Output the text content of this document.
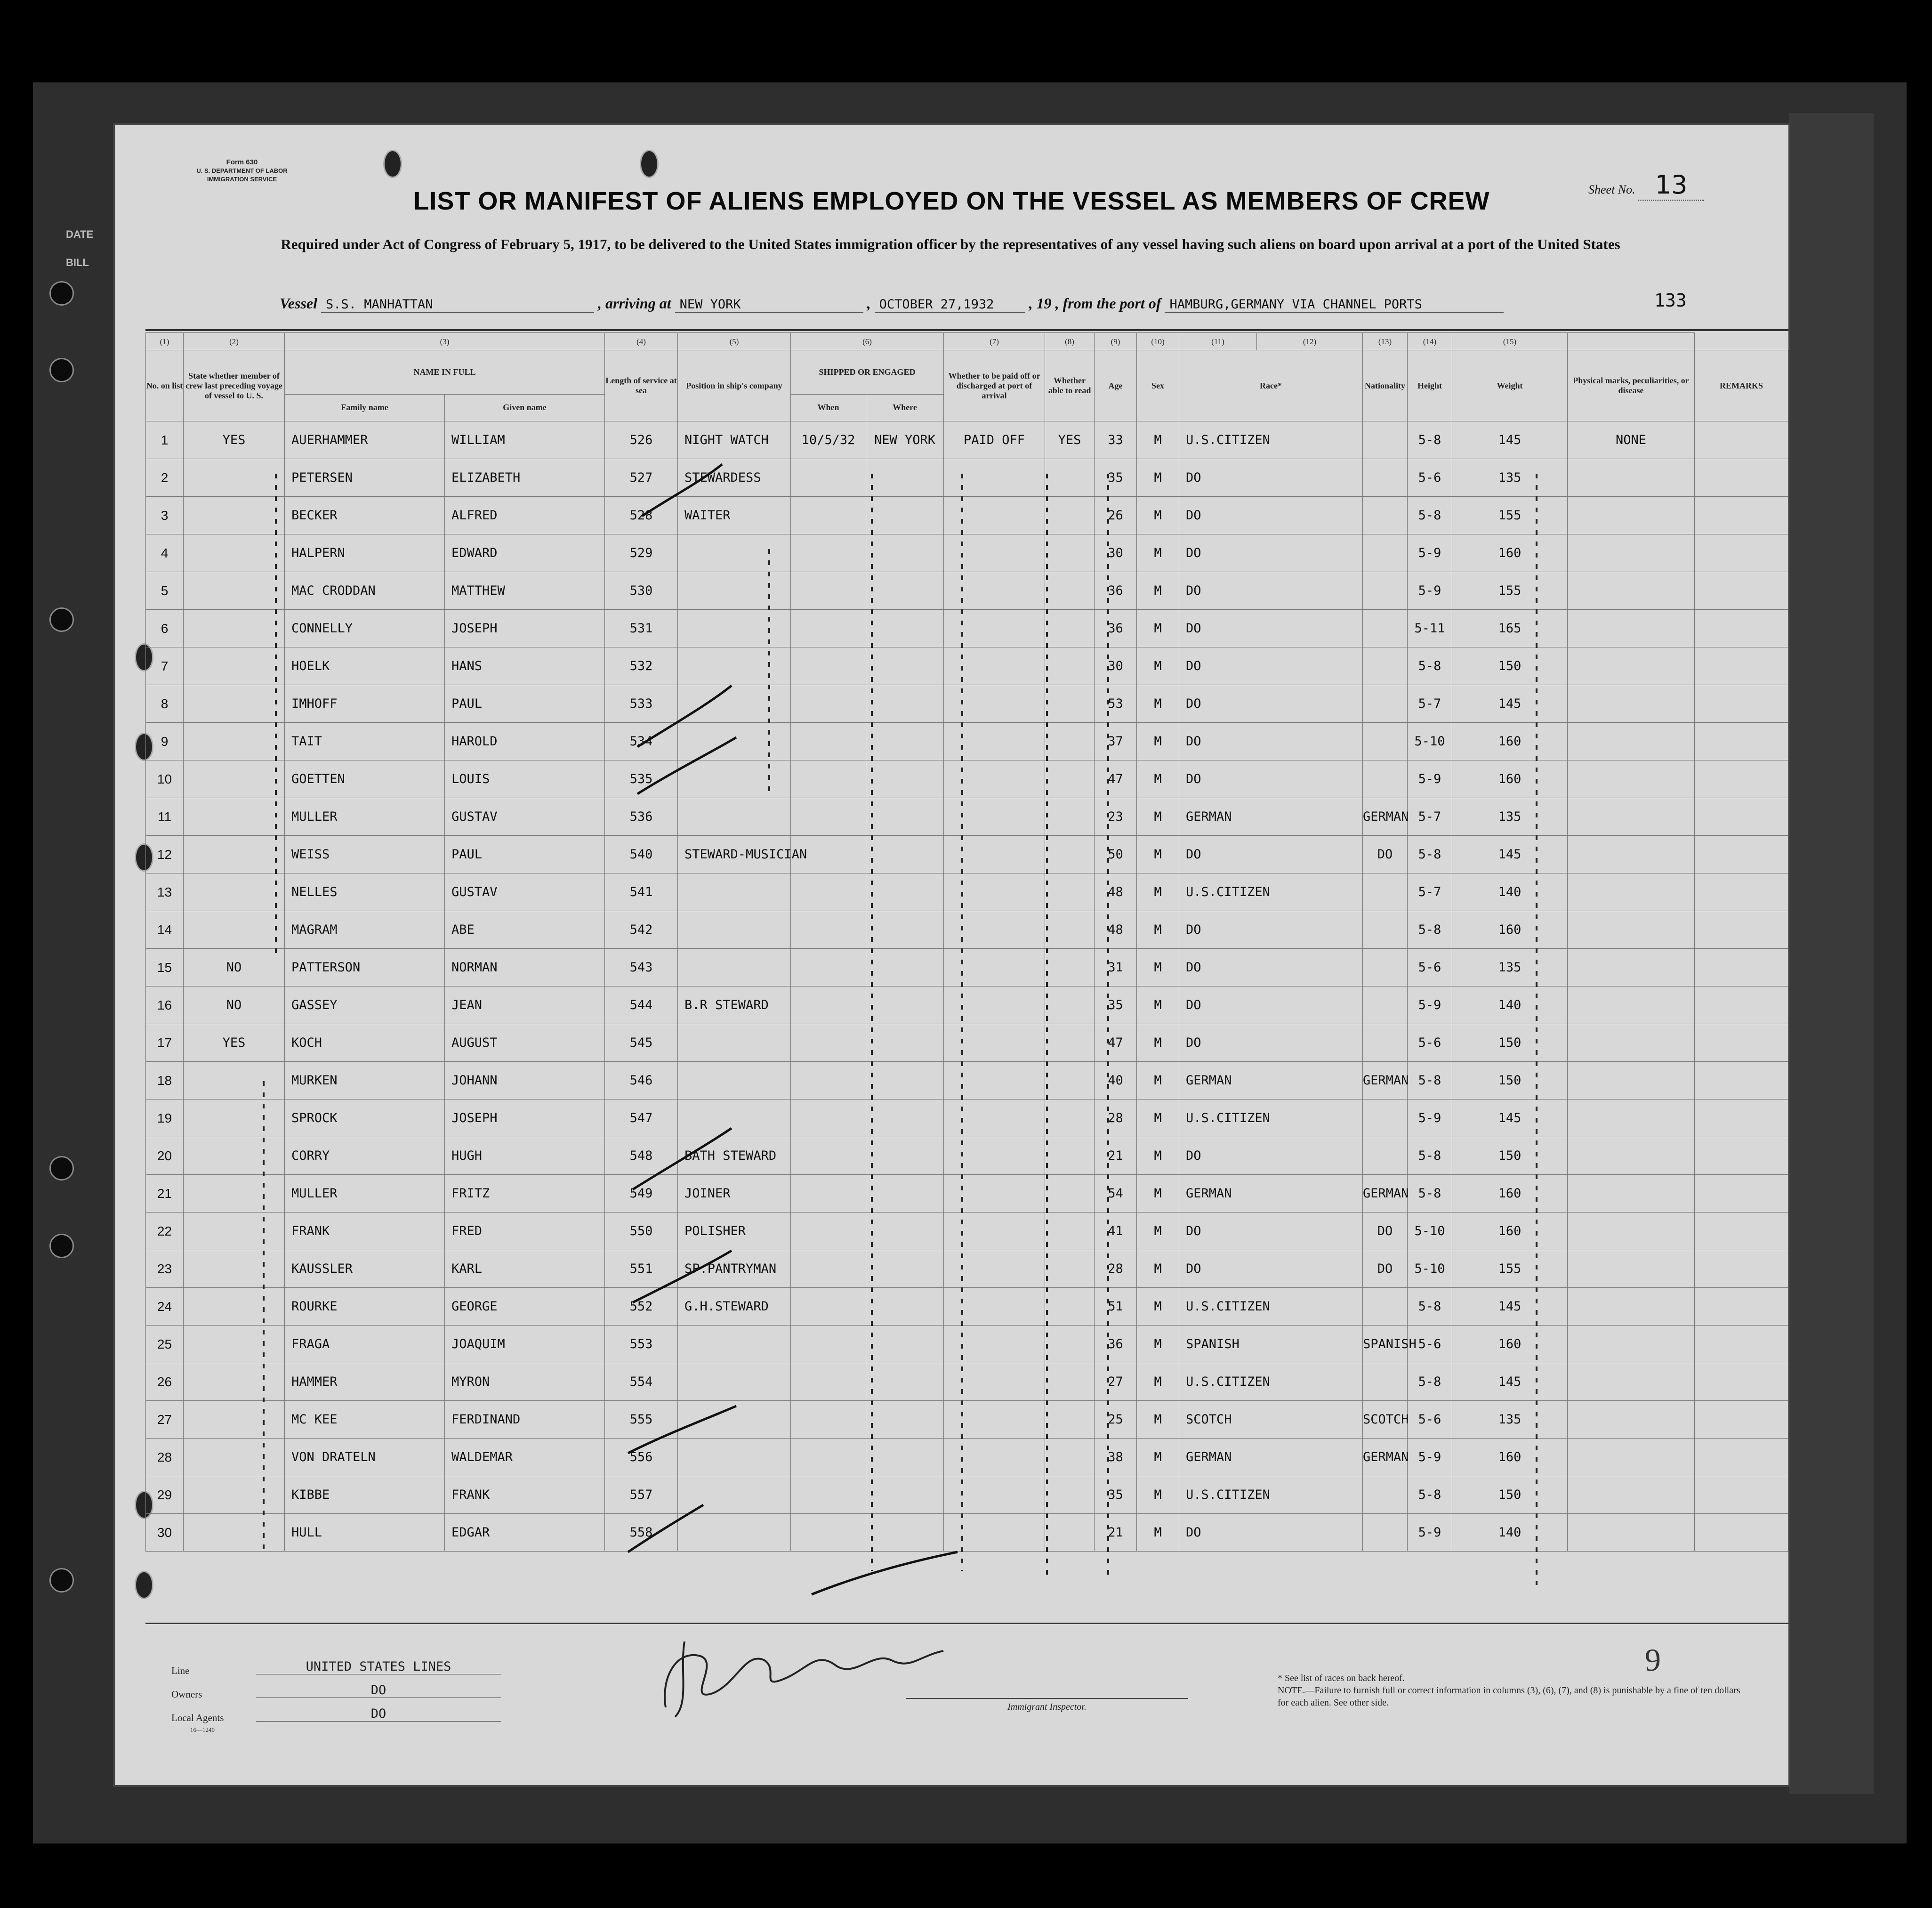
DATE
BILL
Form 630
U. S. DEPARTMENT OF LABOR
IMMIGRATION SERVICE
Sheet No. 13
LIST OR MANIFEST OF ALIENS EMPLOYED ON THE VESSEL AS MEMBERS OF CREW
Required under Act of Congress of February 5, 1917, to be delivered to the United States immigration officer by the representatives of any vessel having such aliens on board upon arrival at a port of the United States
Vessel S.S. MANHATTAN	, arriving at NEW YORK	, OCTOBER 27,1932 , 19 , from the port of HAMBURG,GERMANY VIA CHANNEL PORTS	133
(1)	(2)	(3)		(4)	(5)	(6)		(7)	(8)	(9)	(10)	(11)	(12)	(13)	(14)	(15)		
No. on list	State whether member of crew last preceding voyage of vessel to U. S.	NAME IN FULL		Length of service at sea	Position in ship's company	SHIPPED OR ENGAGED		Whether to be paid off or discharged at port of arrival	Whether able to read	Age	Sex	Race*		Nationality	Height	Weight	Physical marks, peculiarities, or disease	REMARKS
		Family name	Given name			When	Where											
1	YES	AUERHAMMER	WILLIAM	526	NIGHT WATCH	10/5/32	NEW YORK	PAID OFF	YES	33	M	U.S.CITIZEN			5-8	145	NONE	
2		PETERSEN	ELIZABETH	527	STEWARDESS					35	M	DO			5-6	135		
3		BECKER	ALFRED	528	WAITER					26	M	DO			5-8	155		
4		HALPERN	EDWARD	529						30	M	DO			5-9	160		
5		MAC CRODDAN	MATTHEW	530						36	M	DO			5-9	155		
6		CONNELLY	JOSEPH	531						36	M	DO			5-11	165		
7		HOELK	HANS	532						30	M	DO			5-8	150		
8		IMHOFF	PAUL	533						53	M	DO			5-7	145		
9		TAIT	HAROLD	534						37	M	DO			5-10	160		
10		GOETTEN	LOUIS	535						47	M	DO			5-9	160		
11		MULLER	GUSTAV	536						23	M	GERMAN		GERMAN	5-7	135		
12		WEISS	PAUL	540	STEWARD-MUSICIAN					50	M	DO		DO	5-8	145		
13		NELLES	GUSTAV	541						48	M	U.S.CITIZEN			5-7	140		
14		MAGRAM	ABE	542						48	M	DO			5-8	160		
15	NO	PATTERSON	NORMAN	543						31	M	DO			5-6	135		
16	NO	GASSEY	JEAN	544	B.R STEWARD					35	M	DO			5-9	140		
17	YES	KOCH	AUGUST	545						47	M	DO			5-6	150		
18		MURKEN	JOHANN	546						40	M	GERMAN		GERMAN	5-8	150		
19		SPROCK	JOSEPH	547						28	M	U.S.CITIZEN			5-9	145		
20		CORRY	HUGH	548	BATH STEWARD					21	M	DO			5-8	150		
21		MULLER	FRITZ	549	JOINER					54	M	GERMAN		GERMAN	5-8	160		
22		FRANK	FRED	550	POLISHER					41	M	DO		DO	5-10	160		
23		KAUSSLER	KARL	551	SP.PANTRYMAN					28	M	DO		DO	5-10	155		
24		ROURKE	GEORGE	552	G.H.STEWARD					51	M	U.S.CITIZEN			5-8	145		
25		FRAGA	JOAQUIM	553						36	M	SPANISH		SPANISH	5-6	160		
26		HAMMER	MYRON	554						27	M	U.S.CITIZEN			5-8	145		
27		MC KEE	FERDINAND	555						25	M	SCOTCH		SCOTCH	5-6	135		
28		VON DRATELN	WALDEMAR	556						38	M	GERMAN		GERMAN	5-9	160		
29		KIBBE	FRANK	557						35	M	U.S.CITIZEN			5-8	150		
30		HULL	EDGAR	558						21	M	DO			5-9	140		
9
Line	UNITED STATES LINES
Owners	DO
Local Agents	DO
16—1240
Immigrant Inspector.
* See list of races on back hereof.
NOTE.—Failure to furnish full or correct information in columns (3), (6), (7), and (8) is punishable by a fine of ten dollars for each alien. See other side.
